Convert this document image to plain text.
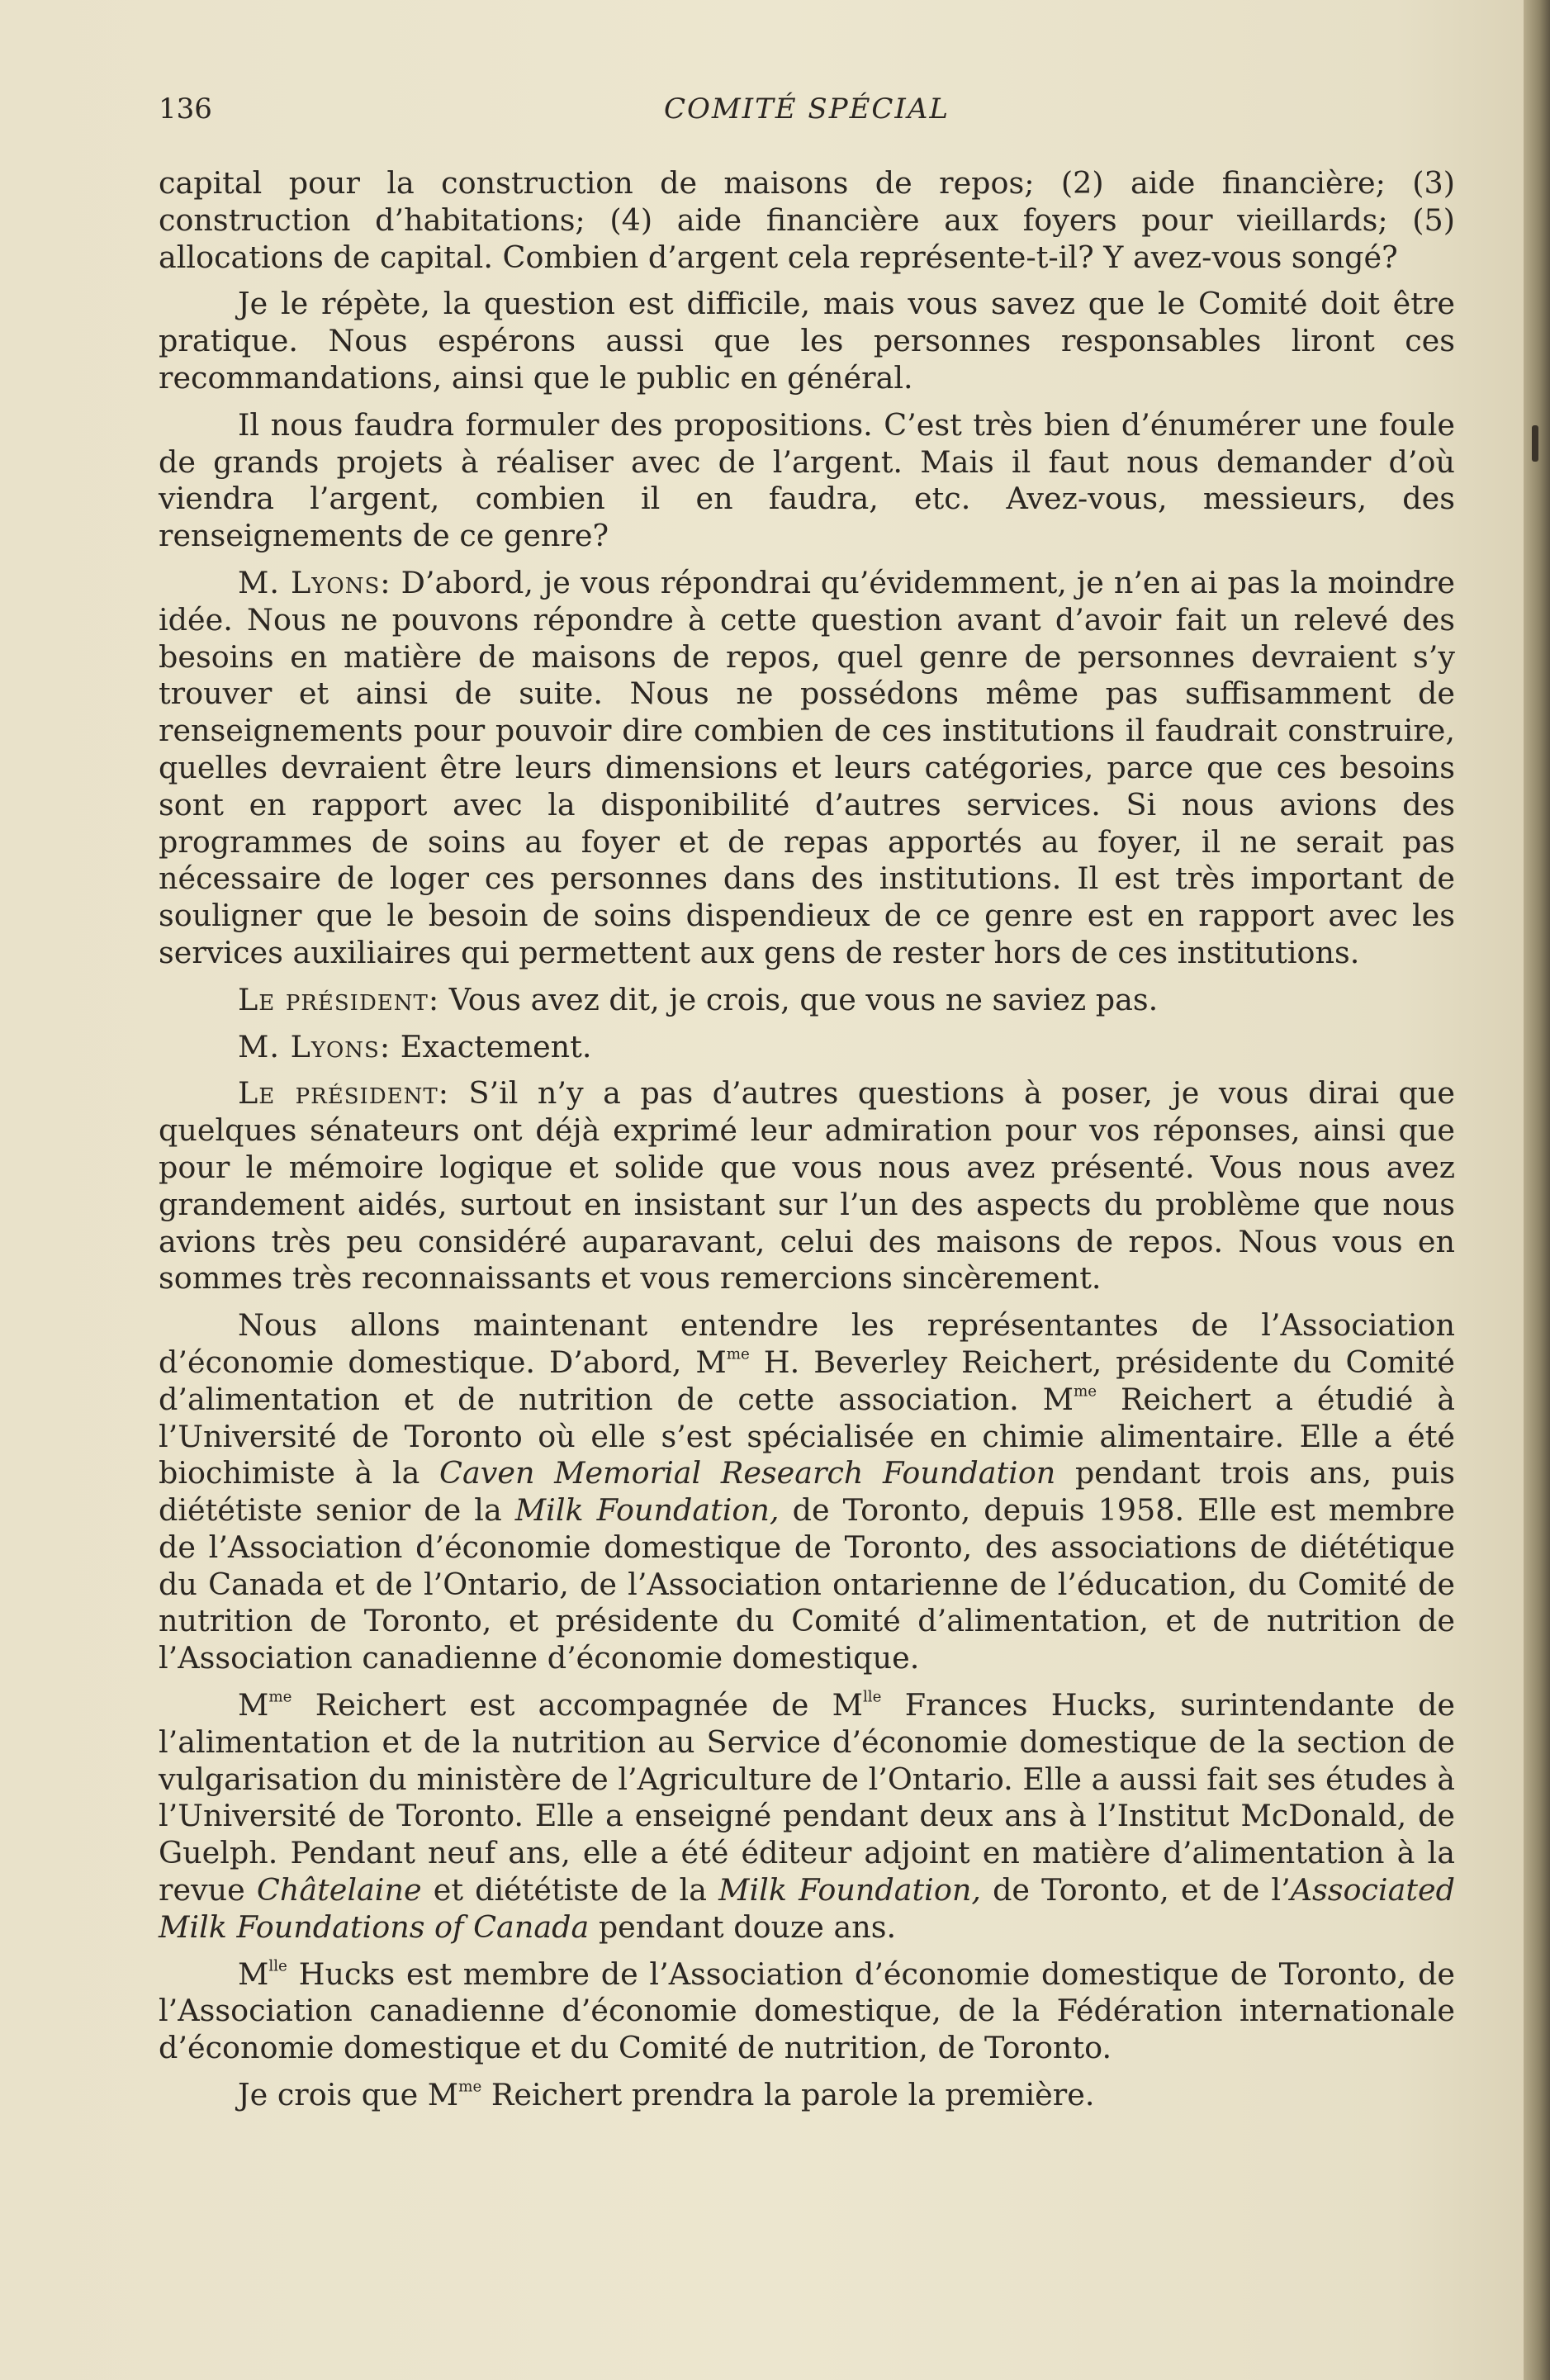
136	COMITÉ SPÉCIAL

capital pour la construction de maisons de repos; (2) aide financière; (3) construction d’habitations; (4) aide financière aux foyers pour vieillards; (5) allocations de capital. Combien d’argent cela représente-t-il? Y avez-vous songé?

Je le répète, la question est difficile, mais vous savez que le Comité doit être pratique. Nous espérons aussi que les personnes responsables liront ces recommandations, ainsi que le public en général.

Il nous faudra formuler des propositions. C’est très bien d’énumérer une foule de grands projets à réaliser avec de l’argent. Mais il faut nous demander d’où viendra l’argent, combien il en faudra, etc. Avez-vous, messieurs, des renseignements de ce genre?

M. Lyons: D’abord, je vous répondrai qu’évidemment, je n’en ai pas la moindre idée. Nous ne pouvons répondre à cette question avant d’avoir fait un relevé des besoins en matière de maisons de repos, quel genre de personnes devraient s’y trouver et ainsi de suite. Nous ne possédons même pas suffisamment de renseignements pour pouvoir dire combien de ces institutions il faudrait construire, quelles devraient être leurs dimensions et leurs catégories, parce que ces besoins sont en rapport avec la disponibilité d’autres services. Si nous avions des programmes de soins au foyer et de repas apportés au foyer, il ne serait pas nécessaire de loger ces personnes dans des institutions. Il est très important de souligner que le besoin de soins dispendieux de ce genre est en rapport avec les services auxiliaires qui permettent aux gens de rester hors de ces institutions.

Le président: Vous avez dit, je crois, que vous ne saviez pas.

M. Lyons: Exactement.

Le président: S’il n’y a pas d’autres questions à poser, je vous dirai que quelques sénateurs ont déjà exprimé leur admiration pour vos réponses, ainsi que pour le mémoire logique et solide que vous nous avez présenté. Vous nous avez grandement aidés, surtout en insistant sur l’un des aspects du problème que nous avions très peu considéré auparavant, celui des maisons de repos. Nous vous en sommes très reconnaissants et vous remercions sincèrement.

Nous allons maintenant entendre les représentantes de l’Association d’économie domestique. D’abord, $M^{me}$ H. Beverley Reichert, présidente du Comité d’alimentation et de nutrition de cette association. $M^{me}$ Reichert a étudié à l’Université de Toronto où elle s’est spécialisée en chimie alimentaire. Elle a été biochimiste à la Caven Memorial Research Foundation pendant trois ans, puis diététiste senior de la Milk Foundation, de Toronto, depuis 1958. Elle est membre de l’Association d’économie domestique de Toronto, des associations de diététique du Canada et de l’Ontario, de l’Association ontarienne de l’éducation, du Comité de nutrition de Toronto, et présidente du Comité d’alimentation, et de nutrition de l’Association canadienne d’économie domestique.

$M^{me}$ Reichert est accompagnée de $M^{lle}$ Frances Hucks, surintendante de l’alimentation et de la nutrition au Service d’économie domestique de la section de vulgarisation du ministère de l’Agriculture de l’Ontario. Elle a aussi fait ses études à l’Université de Toronto. Elle a enseigné pendant deux ans à l’Institut McDonald, de Guelph. Pendant neuf ans, elle a été éditeur adjoint en matière d’alimentation à la revue Châtelaine et diététiste de la Milk Foundation, de Toronto, et de l’Associated Milk Foundations of Canada pendant douze ans.

$M^{lle}$ Hucks est membre de l’Association d’économie domestique de Toronto, de l’Association canadienne d’économie domestique, de la Fédération internationale d’économie domestique et du Comité de nutrition, de Toronto.

Je crois que $M^{me}$ Reichert prendra la parole la première.
